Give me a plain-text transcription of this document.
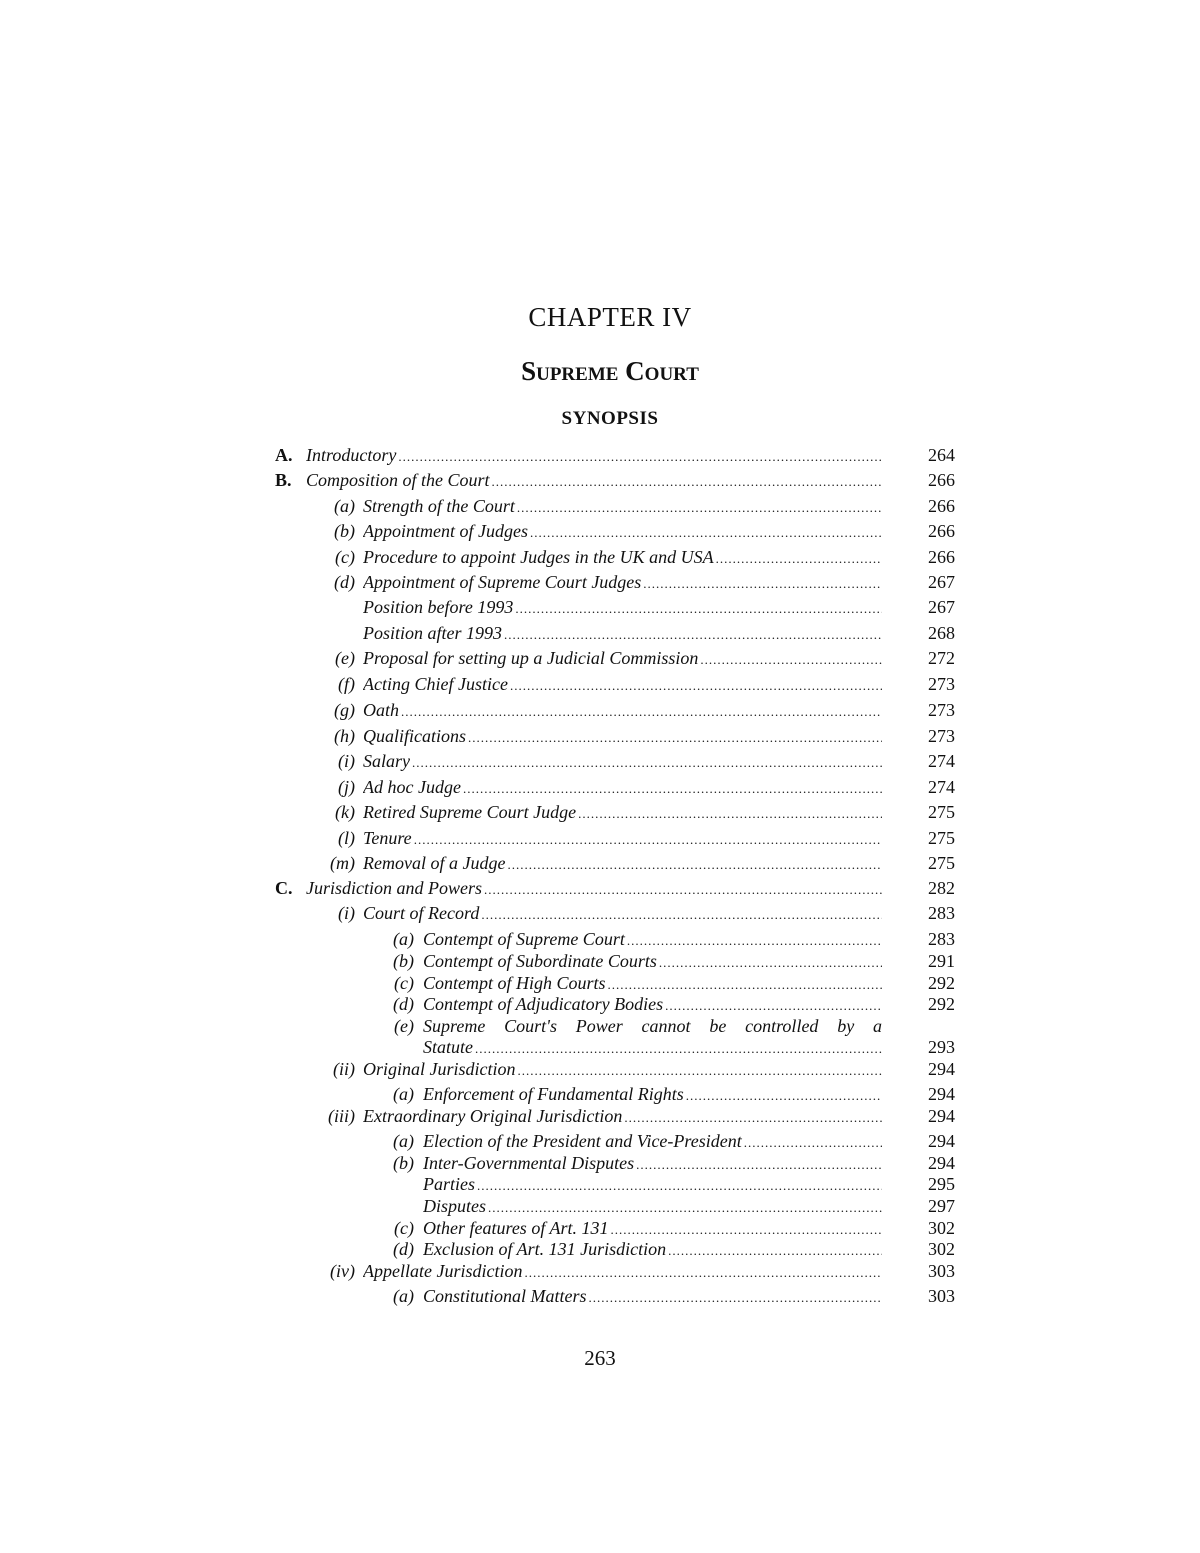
CHAPTER IV
Supreme Court
SYNOPSIS
A. Introductory .....	264
B. Composition of the Court .....	266
(a) Strength of the Court .....	266
(b) Appointment of Judges .....	266
(c) Procedure to appoint Judges in the UK and USA .....	266
(d) Appointment of Supreme Court Judges .....	267
Position before 1993 .....	267
Position after 1993 .....	268
(e) Proposal for setting up a Judicial Commission .....	272
(f) Acting Chief Justice .....	273
(g) Oath .....	273
(h) Qualifications .....	273
(i) Salary .....	274
(j) Ad hoc Judge .....	274
(k) Retired Supreme Court Judge .....	275
(l) Tenure .....	275
(m) Removal of a Judge .....	275
C. Jurisdiction and Powers .....	282
(i) Court of Record .....	283
(a) Contempt of Supreme Court .....	283
(b) Contempt of Subordinate Courts .....	291
(c) Contempt of High Courts .....	292
(d) Contempt of Adjudicatory Bodies .....	292
(e) Supreme Court's Power cannot be controlled by a
Statute .....	293
(ii) Original Jurisdiction .....	294
(a) Enforcement of Fundamental Rights .....	294
(iii) Extraordinary Original Jurisdiction .....	294
(a) Election of the President and Vice-President .....	294
(b) Inter-Governmental Disputes .....	294
Parties .....	295
Disputes .....	297
(c) Other features of Art. 131 .....	302
(d) Exclusion of Art. 131 Jurisdiction .....	302
(iv) Appellate Jurisdiction .....	303
(a) Constitutional Matters .....	303
263
